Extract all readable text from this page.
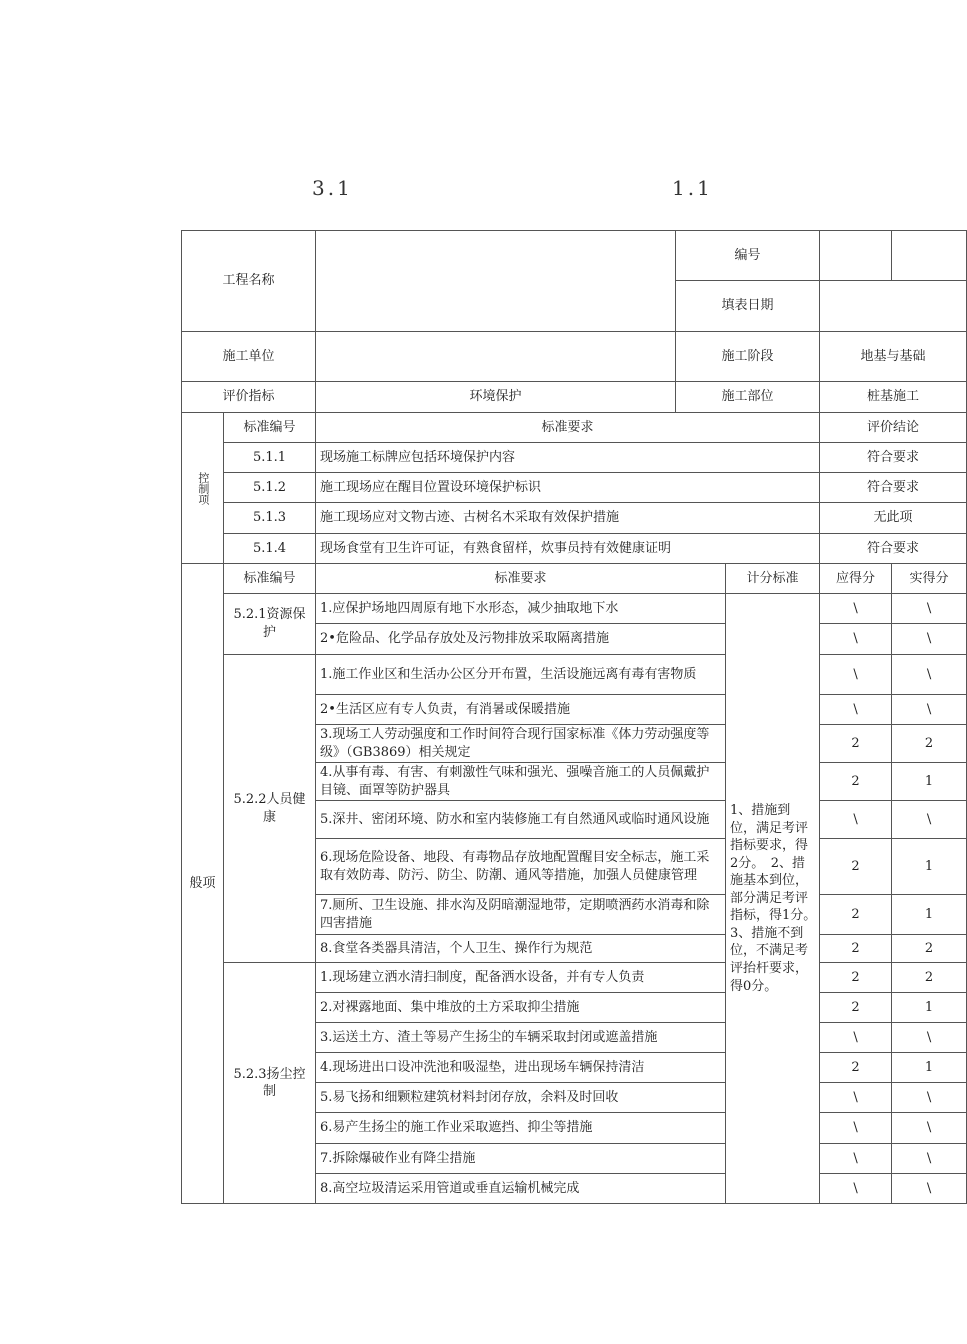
3.1	1.1
工程名称			编号			
			填表日期			
施工单位			施工阶段		地基与基础	
评价指标		环境保护	施工部位		桩基施工	

控制项	标准编号	标准要求			评价结论	
	5.1.1	现场施工标牌应包括环境保护内容			符合要求	
	5.1.2	施工现场应在醒目位置设环境保护标识			符合要求	
	5.1.3	施工现场应对文物古迹、古树名木采取有效保护措施			无此项	
	5.1.4	现场食堂有卫生许可证，有熟食留样，炊事员持有效健康证明			符合要求	
般项	标准编号	标准要求		计分标准	应得分	实得分
	5.2.1资源保护	1.应保护场地四周原有地下水形态，减少抽取地下水		1、措施到位，满足考评指标要求，得2分。　2、措施基本到位，部分满足考评指标，得1分。　3、措施不到位，不满足考评抬杆要求，得0分。	\	\
		2•危险品、化学品存放处及污物排放采取隔离措施			\	\
	5.2.2人员健康	1.施工作业区和生活办公区分开布置，生活设施远离有毒有害物质			\	\
		2•生活区应有专人负责，有消暑或保暖措施			\	\
		3.现场工人劳动强度和工作时间符合现行国家标准《体力劳动强度等级》（GB3869）相关规定			2	2
		4.从事有毒、有害、有刺激性气味和强光、强噪音施工的人员佩戴护目镜、面罩等防护器具			2	1
		5.深井、密闭环境、防水和室内装修施工有自然通风或临时通风设施			\	\
		6.现场危险设备、地段、有毒物品存放地配置醒目安全标志，施工采取有效防毒、防污、防尘、防潮、通风等措施，加强人员健康管理			2	1
		7.厕所、卫生设施、排水沟及阴暗潮湿地带，定期喷洒药水消毒和除四害措施			2	1
		8.食堂各类器具清洁，个人卫生、操作行为规范			2	2
	5.2.3扬尘控制	1.现场建立洒水清扫制度，配备洒水设备，并有专人负责			2	2
		2.对裸露地面、集中堆放的土方采取抑尘措施			2	1
		3.运送土方、渣土等易产生扬尘的车辆采取封闭或遮盖措施			\	\
		4.现场进出口设冲洗池和吸湿垫，进出现场车辆保持清洁			2	1
		5.易飞扬和细颗粒建筑材料封闭存放，余料及时回收			\	\
		6.易产生扬尘的施工作业采取遮挡、抑尘等措施			\	\
		7.拆除爆破作业有降尘措施			\	\
		8.高空垃圾清运采用管道或垂直运输机械完成			\	\
